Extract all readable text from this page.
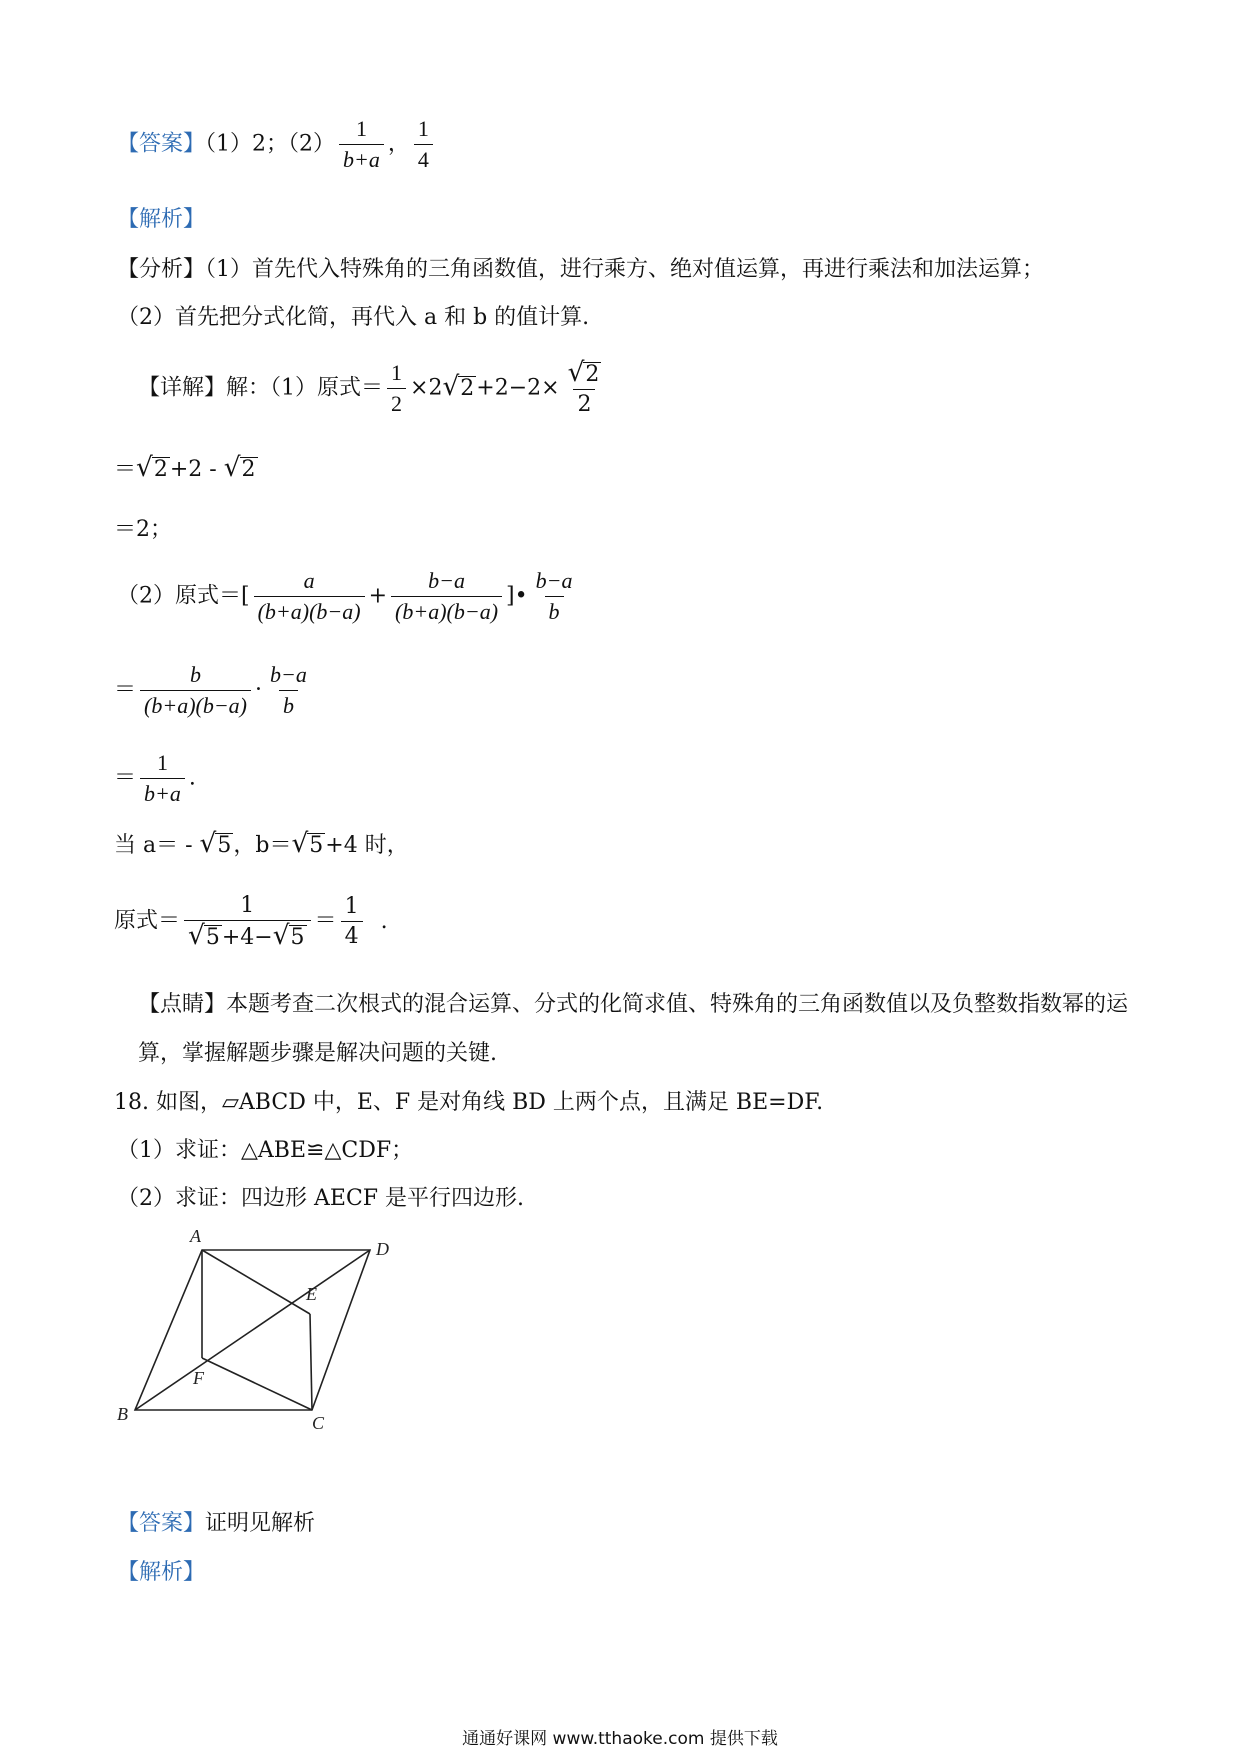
【答案】（1）2；$(2) \frac{1}{b+a}$ ， $\frac{1}{4}$
【解析】
【分析】（1）首先代入特殊角的三角函数值，进行乘方、绝对值运算，再进行乘法和加法运算；
（2）首先把分式化简，再代入 a 和 b 的值计算.
【详解】解：（1）原式＝ $\frac{1}{2} \times 2$ √ $2 +2-2\times \frac{√ 2}{2}$
＝ √ 2 +2 - √ 2
＝2；
（2）原式＝[ $\frac{a}{(b+a)(b-a)} + \frac{b-a}{(b+a)(b-a)}$ ]• $\frac{b-a}{b}$
＝ $\frac{b}{(b+a)(b-a)} \cdot \frac{b-a}{b}$
＝ $\frac{1}{b+a}$ .
当 a＝ - √ 5 ，b＝ √ 5 +4 时，
原式＝ $\frac{1}{√ 5 +4- √ 5} = \frac{1}{4}$ .
【点睛】本题考查二次根式的混合运算、分式的化简求值、特殊角的三角函数值以及负整数指数幂的运
算，掌握解题步骤是解决问题的关键.
18. 如图，▱ABCD 中，E、F 是对角线 BD 上两个点，且满足 BE=DF.
（1）求证：△ABE≌△CDF；
（2）求证：四边形 AECF 是平行四边形.
A
D
E
F
B	C
【答案】证明见解析
【解析】
通通好课网 www.tthaoke.com 提供下载
